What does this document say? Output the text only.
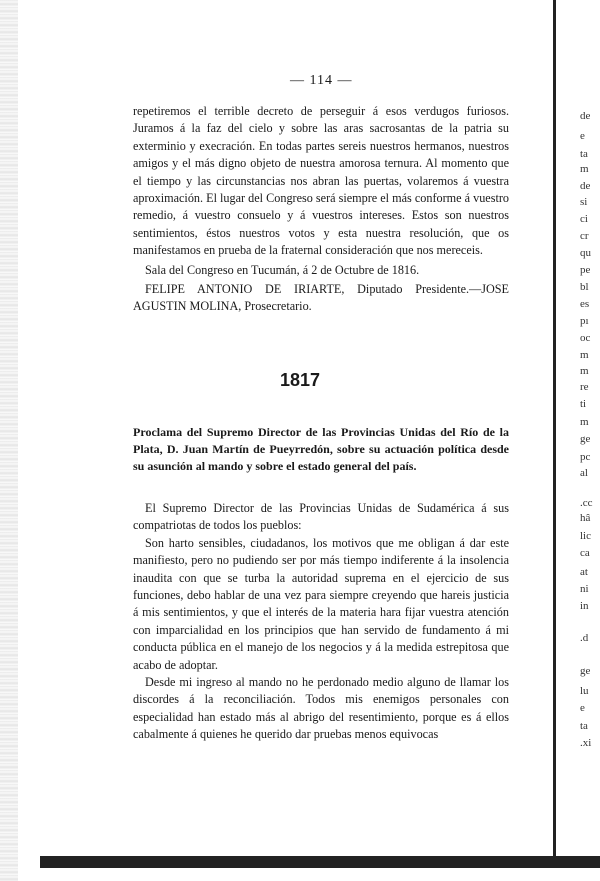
— 114 —

repetiremos el terrible decreto de perseguir á esos verdugos furiosos. Juramos á la faz del cielo y sobre las aras sacrosantas de la patria su exterminio y execración. En todas partes sereis nuestros hermanos, nuestros amigos y el más digno objeto de nuestra amorosa ternura. Al momento que el tiempo y las circunstancias nos abran las puertas, volaremos á vuestra aproximación. El lugar del Congreso será siempre el más conforme á vuestro remedio, á vuestro consuelo y á vuestros intereses. Estos son nuestros sentimientos, éstos nuestros votos y esta nuestra resolución, que os manifestamos en prueba de la fraternal consideración que nos mereceis.

Sala del Congreso en Tucumán, á 2 de Octubre de 1816.

FELIPE ANTONIO DE IRIARTE, Diputado Presidente.—JOSE AGUSTIN MOLINA, Prosecretario.

1817
Proclama del Supremo Director de las Provincias Unidas del Río de la Plata, D. Juan Martín de Pueyrredón, sobre su actuación política desde su asunción al mando y sobre el estado general del país.

El Supremo Director de las Provincias Unidas de Sudamérica á sus compatriotas de todos los pueblos:

Son harto sensibles, ciudadanos, los motivos que me obligan á dar este manifiesto, pero no pudiendo ser por más tiempo indiferente á la insolencia inaudita con que se turba la autoridad suprema en el ejercicio de sus funciones, debo hablar de una vez para siempre creyendo que hareis justicia á mis sentimientos, y que el interés de la materia hara fijar vuestra atención con imparcialidad en los principios que han servido de fundamento á mi conducta pública en el manejo de los negocios y á la medida estrepitosa que acabo de adoptar.

Desde mi ingreso al mando no he perdonado medio alguno de llamar los discordes á la reconciliación. Todos mis enemigos personales con especialidad han estado más al abrigo del resentimiento, porque es á ellos cabalmente á quienes he querido dar pruebas menos equivocas

de
e
ta
m
de
si
ci
cr
qu
pe
bl
es
pı
oc
m
m
re
ti
m
ge
pc
al
.cc
hâ
lic
ca
at
ni
in
.d
ge
lu
e
ta
.xi
